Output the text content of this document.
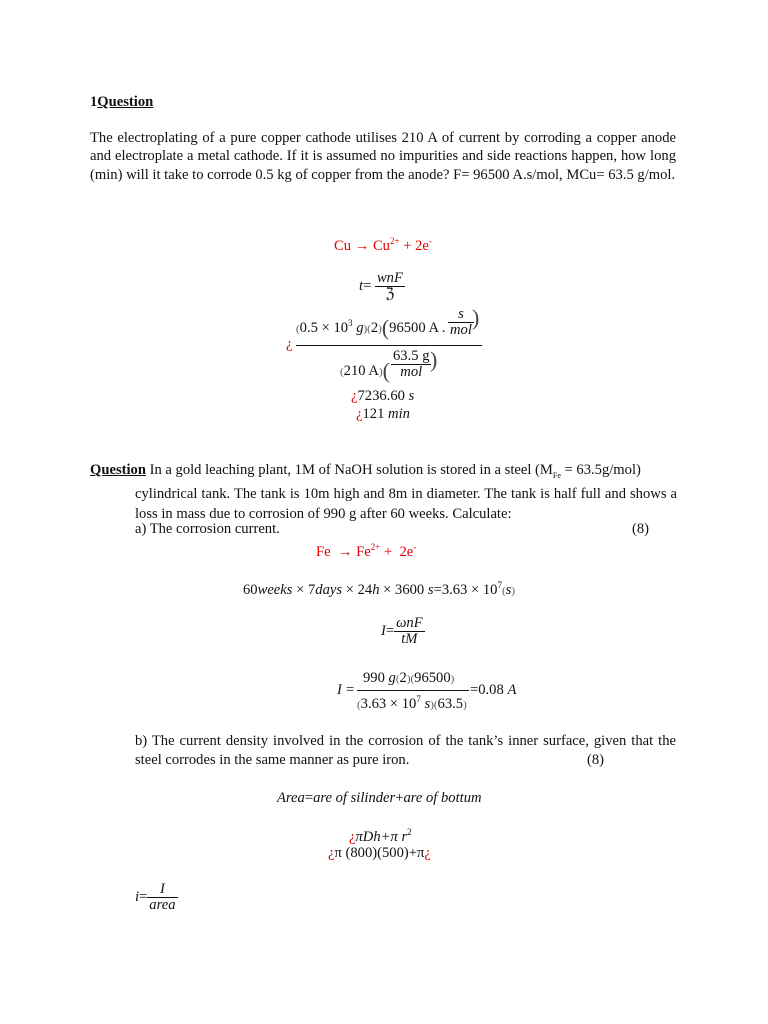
1Question
The electroplating of a pure copper cathode utilises 210 A of current by corroding a copper anode and electroplate a metal cathode. If it is assumed no impurities and side reactions happen, how long (min) will it take to corrode 0.5 kg of copper from the anode? F= 96500 A.s/mol, MCu= 63.5 g/mol.
$Cu \to Cu^{2+} + 2e^-$
$t= \frac{\text{wnF}}{\text{ℨ}}$
¿
($0.5 \times 10^3$ g)(2)(96500 A .
s
mol )
(210 A)(
63.5 g
mol )
¿7236.60 s
¿121 min
Question In a gold leaching plant, 1M of NaOH solution is stored in a steel $(M_{Fe} = 63.5g/mol)$
cylindrical tank. The tank is 10m high and 8m in diameter. The tank is half full and shows a loss in mass due to corrosion of 990 g after 60 weeks. Calculate:
a) The corrosion current.	(8)
$Fe \to Fe^{2+} + 2e^-$
60weeks × 7days × 24h × 3600 $s=3.63 \times 10^7(s)$
$I= \frac{\text{ωnF}}{tM}$
I =
990 g(2)(96500)
($3.63 \times 10^7$ s)(63.5)
=0.08 A
b) The current density involved in the corrosion of the tank’s inner surface, given that the
steel corrodes in the same manner as pure iron.	(8)
Area=are of silinder+are of bottum
¿πDh+π $r^2$
¿π (800)(500)+π¿
$i= \frac{I}{\text{area}}$
